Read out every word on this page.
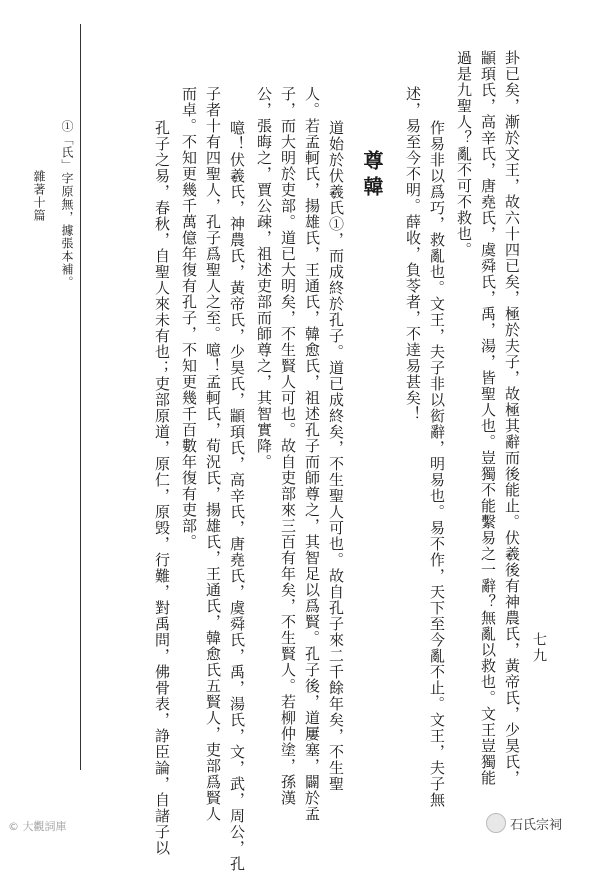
七九
卦已矣，漸於文王，故六十四已矣，極於夫子，故極其辭而後能止。伏羲後有神農氏，黃帝氏，少昊氏，
顓頊氏，高辛氏，唐堯氏，虞舜氏，禹，湯，皆聖人也。豈獨不能繫易之一辭？無亂以救也。文王豈獨能
過是九聖人？亂不可不救也。
作易非以爲巧，救亂也。文王，夫子非以衒辭，明易也。易不作，天下至今亂不止。文王，夫子無
述，易至今不明。薛收，負苓者，不逹易甚矣！
尊韓
道始於伏羲氏①，而成終於孔子。道已成終矣，不生聖人可也。故自孔子來二千餘年矣，不生聖
人。若孟軻氏，揚雄氏，王通氏，韓愈氏，祖述孔子而師尊之，其智足以爲賢。孔子後，道屢塞，闢於孟
子，而大明於吏部。道已大明矣，不生賢人可也。故自吏部來三百有年矣，不生賢人。若柳仲塗，孫漢
公，張晦之，賈公疎，祖述吏部而師尊之，其智實降。
噫！伏羲氏，神農氏，黃帝氏，少昊氏，顓頊氏，高辛氏，唐堯氏，虞舜氏，禹，湯氏，文，武，周公，孔
子者十有四聖人，孔子爲聖人之至。噫！孟軻氏，荀況氏，揚雄氏，王通氏，韓愈氏五賢人，吏部爲賢人
而卓。不知更幾千萬億年復有孔子，不知更幾千百數年復有吏部。
孔子之易，春秋，自聖人來未有也；吏部原道，原仁，原毁，行難，對禹問，佛骨表，諍臣論，自諸子以
①「氏」字原無，據張本補。
雜著十篇
© 大觀詞庫	石氏宗祠
